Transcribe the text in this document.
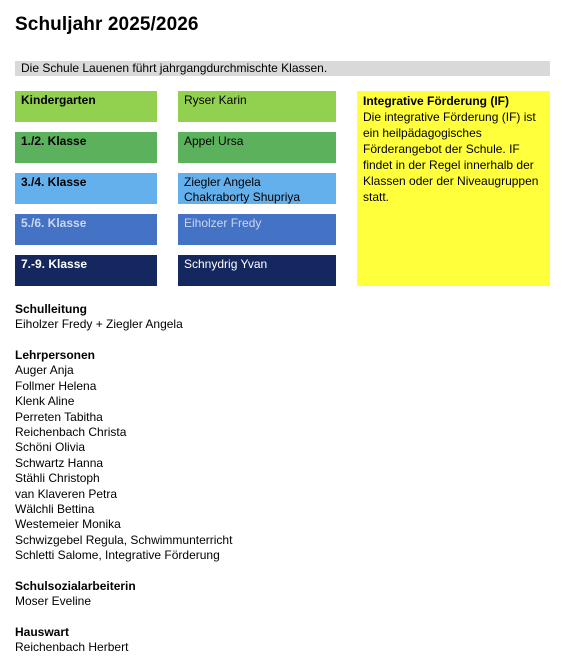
Schuljahr 2025/2026
Die Schule Lauenen führt jahrgangdurchmischte Klassen.
Kindergarten	Ryser Karin
1./2. Klasse	Appel Ursa
3./4. Klasse	Ziegler Angela
Chakraborty Shupriya
5./6. Klasse	Eiholzer Fredy
7.-9. Klasse	Schnydrig Yvan
Integrative Förderung (IF)
Die integrative Förderung (IF) ist ein heilpädagogisches Förderangebot der Schule. IF findet in der Regel innerhalb der Klassen oder der Niveaugruppen statt.
Schulleitung
Eiholzer Fredy + Ziegler Angela
Lehrpersonen
Auger Anja
Follmer Helena
Klenk Aline
Perreten Tabitha
Reichenbach Christa
Schöni Olivia
Schwartz Hanna
Stähli Christoph
van Klaveren Petra
Wälchli Bettina
Westemeier Monika
Schwizgebel Regula, Schwimmunterricht
Schletti Salome, Integrative Förderung
Schulsozialarbeiterin
Moser Eveline
Hauswart
Reichenbach Herbert
